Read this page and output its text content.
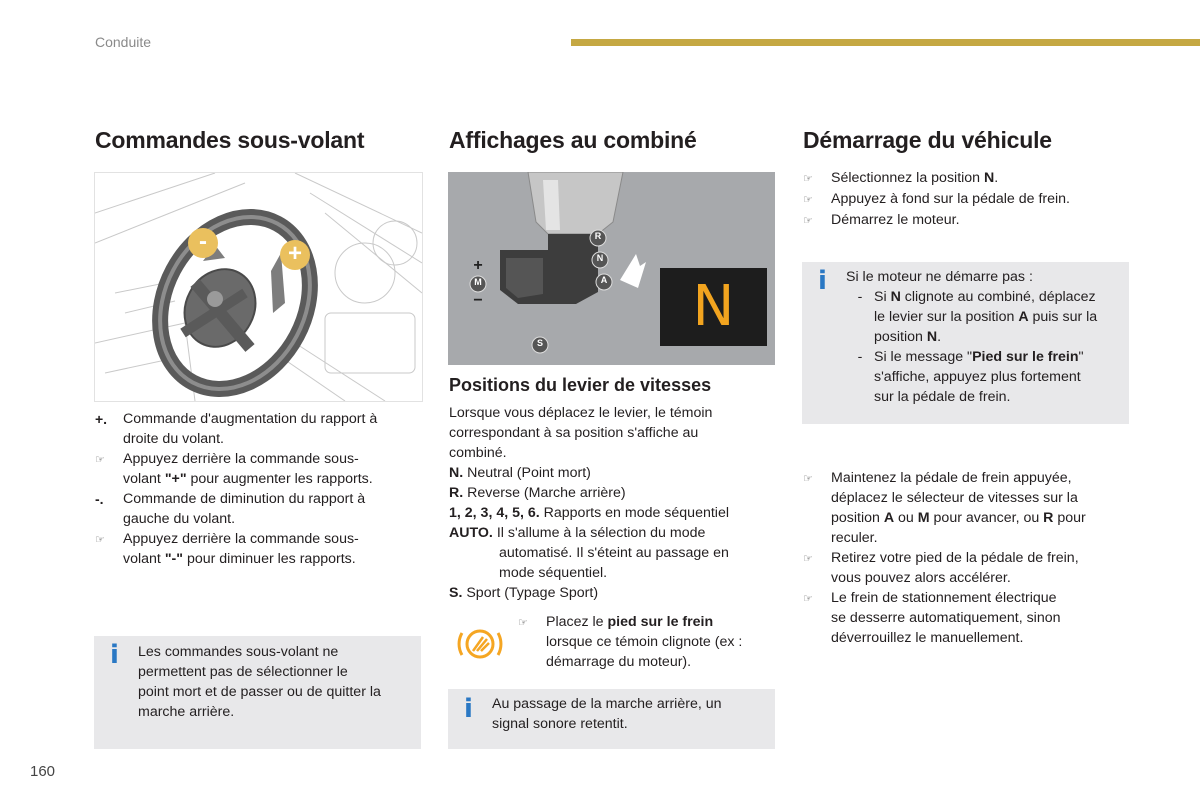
Conduite
Commandes sous-volant
-	+
+.	Commande d'augmentation du rapport à
droite du volant.
☞	Appuyez derrière la commande sous-
volant "+" pour augmenter les rapports.
-.	Commande de diminution du rapport à
gauche du volant.
☞	Appuyez derrière la commande sous-
volant "-" pour diminuer les rapports.
i Les commandes sous-volant ne
permettent pas de sélectionner le
point mort et de passer ou de quitter la
marche arrière.
Affichages au combiné
R
N
A
M
S
+
−	N
Positions du levier de vitesses
Lorsque vous déplacez le levier, le témoin
correspondant à sa position s'affiche au
combiné.
N. Neutral (Point mort)
R. Reverse (Marche arrière)
1, 2, 3, 4, 5, 6. Rapports en mode séquentiel
AUTO. Il s'allume à la sélection du mode
automatisé. Il s'éteint au passage en
mode séquentiel.
S. Sport (Typage Sport)
☞	Placez le pied sur le frein
lorsque ce témoin clignote (ex :
démarrage du moteur).
i Au passage de la marche arrière, un
signal sonore retentit.
Démarrage du véhicule
☞	Sélectionnez la position N.
☞	Appuyez à fond sur la pédale de frein.
☞	Démarrez le moteur.
i Si le moteur ne démarre pas :
- Si N clignote au combiné, déplacez
le levier sur la position A puis sur la
position N.
- Si le message "Pied sur le frein"
s'affiche, appuyez plus fortement
sur la pédale de frein.
☞	Maintenez la pédale de frein appuyée,
déplacez le sélecteur de vitesses sur la
position A ou M pour avancer, ou R pour
reculer.
☞	Retirez votre pied de la pédale de frein,
vous pouvez alors accélérer.
☞	Le frein de stationnement électrique
se desserre automatiquement, sinon
déverrouillez le manuellement.
160
